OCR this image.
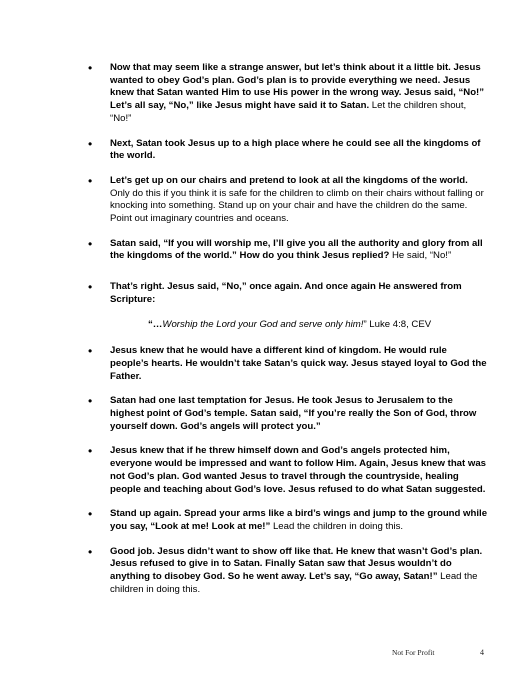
• Now that may seem like a strange answer, but let’s think about it a little bit. Jesus wanted to obey God’s plan. God’s plan is to provide everything we need. Jesus knew that Satan wanted Him to use His power in the wrong way. Jesus said, “No!” Let’s all say, “No,” like Jesus might have said it to Satan. Let the children shout, “No!”
• Next, Satan took Jesus up to a high place where he could see all the kingdoms of the world.
• Let’s get up on our chairs and pretend to look at all the kingdoms of the world. Only do this if you think it is safe for the children to climb on their chairs without falling or knocking into something. Stand up on your chair and have the children do the same. Point out imaginary countries and oceans.
• Satan said, “If you will worship me, I’ll give you all the authority and glory from all the kingdoms of the world.” How do you think Jesus replied? He said, “No!”
• That’s right. Jesus said, “No,” once again. And once again He answered from Scripture:
“…Worship the Lord your God and serve only him!” Luke 4:8, CEV
• Jesus knew that he would have a different kind of kingdom. He would rule people’s hearts. He wouldn’t take Satan’s quick way. Jesus stayed loyal to God the Father.
• Satan had one last temptation for Jesus. He took Jesus to Jerusalem to the highest point of God’s temple. Satan said, “If you’re really the Son of God, throw yourself down. God’s angels will protect you.”
• Jesus knew that if he threw himself down and God’s angels protected him, everyone would be impressed and want to follow Him. Again, Jesus knew that was not God’s plan. God wanted Jesus to travel through the countryside, healing people and teaching about God’s love. Jesus refused to do what Satan suggested.
• Stand up again. Spread your arms like a bird’s wings and jump to the ground while you say, “Look at me! Look at me!” Lead the children in doing this.
• Good job. Jesus didn’t want to show off like that. He knew that wasn’t God’s plan. Jesus refused to give in to Satan. Finally Satan saw that Jesus wouldn’t do anything to disobey God. So he went away. Let’s say, “Go away, Satan!” Lead the children in doing this.
Not For Profit	4
